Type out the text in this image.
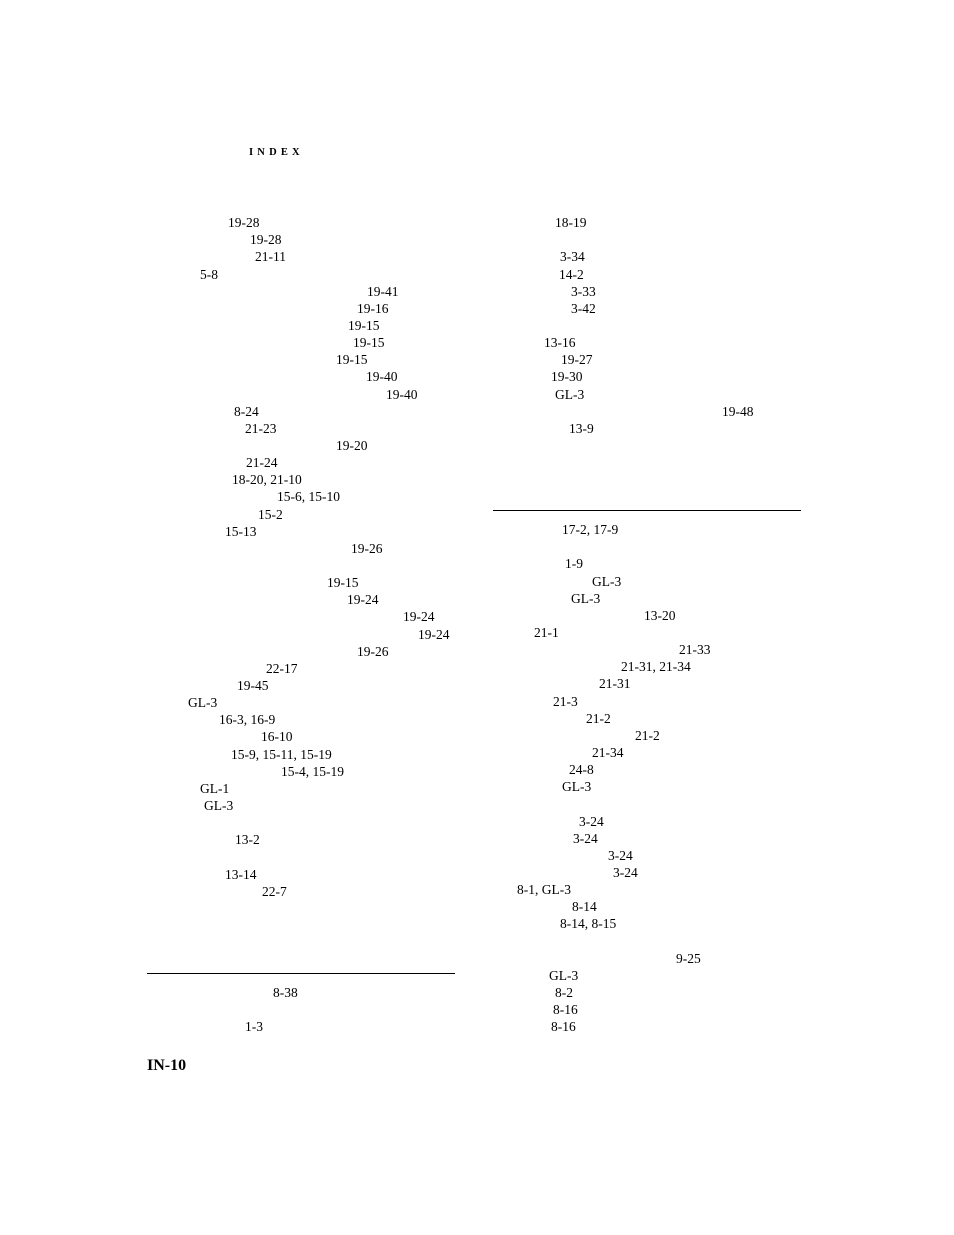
INDEX
19-28
19-28
21-11
5-8
19-41
19-16
19-15
19-15
19-15
19-40
19-40
8-24
21-23
19-20
21-24
18-20, 21-10
15-6, 15-10
15-2
15-13
19-26
19-15
19-24
19-24
19-24
19-26
22-17
19-45
GL-3
16-3, 16-9
16-10
15-9, 15-11, 15-19
15-4, 15-19
GL-1
GL-3
13-2
13-14
22-7
8-38
1-3
18-19
3-34
14-2
3-33
3-42
13-16
19-27
19-30
GL-3
19-48
13-9
17-2, 17-9
1-9
GL-3
GL-3
13-20
21-1
21-33
21-31, 21-34
21-31
21-3
21-2
21-2
21-34
24-8
GL-3
3-24
3-24
3-24
3-24
8-1, GL-3
8-14
8-14, 8-15
9-25
GL-3
8-2
8-16
8-16
IN-10
